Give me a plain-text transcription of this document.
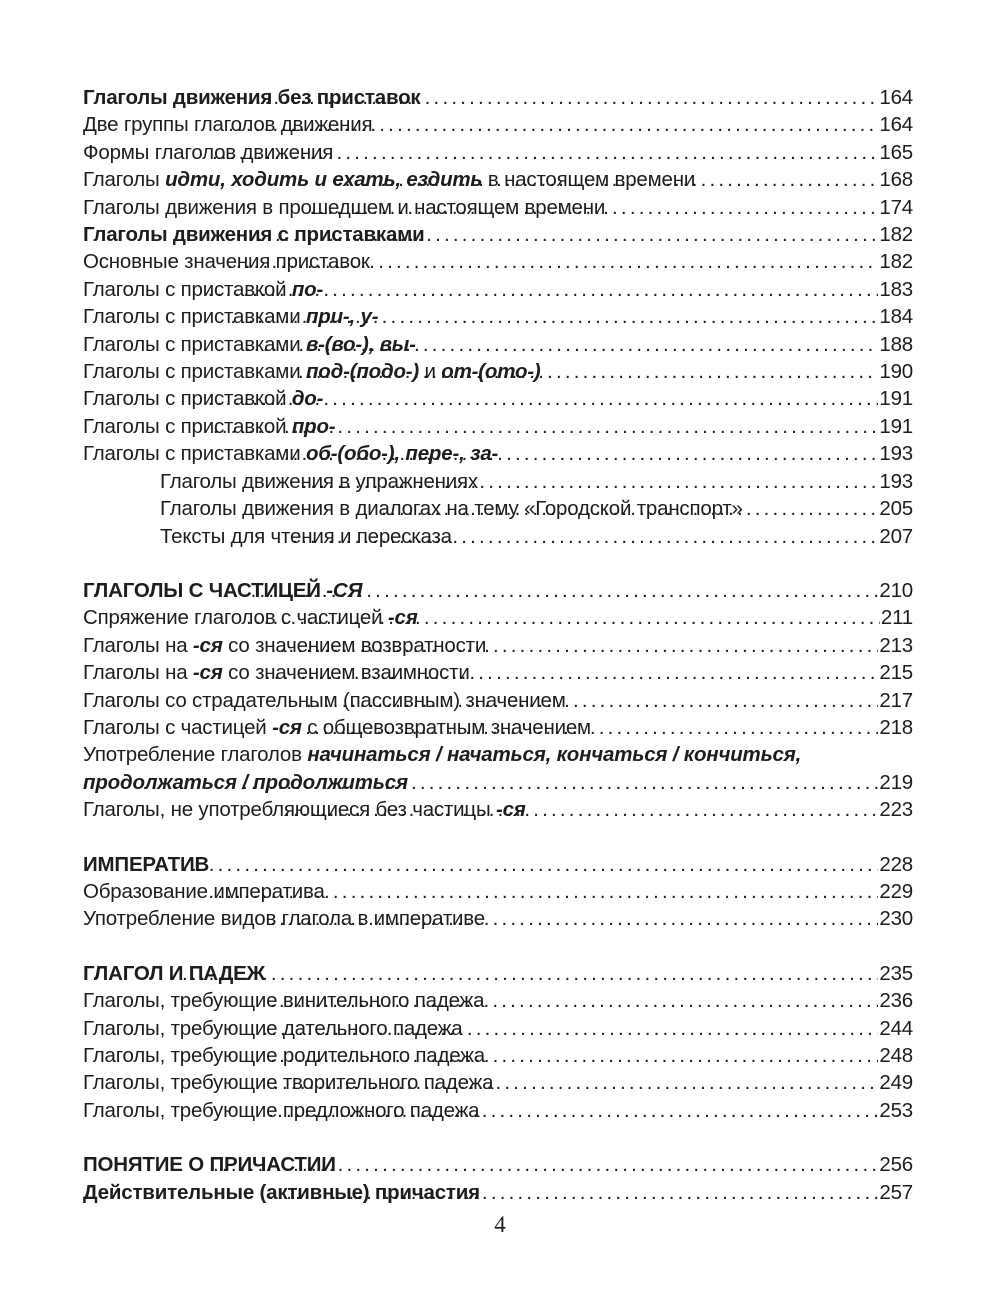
Глаголы движения без приставок .....	164
Две группы глаголов движения .....	164
Формы глаголов движения .....	165
Глаголы идти, ходить и ехать, ездить в настоящем времени .....	168
Глаголы движения в прошедшем и настоящем времени .....	174
Глаголы движения с приставками .....	182
Основные значения приставок .....	182
Глаголы с приставкой по- .....	183
Глаголы с приставками при-, у- .....	184
Глаголы с приставками в-(во-), вы- .....	188
Глаголы с приставками под-(подо-) и от-(ото-) .....	190
Глаголы с приставкой до- .....	191
Глаголы с приставкой про- .....	191
Глаголы с приставками об-(обо-), пере-, за- .....	193
Глаголы движения в упражнениях .....	193
Глаголы движения в диалогах на тему «Городской транспорт» .....	205
Тексты для чтения и пересказа .....	207
ГЛАГОЛЫ С ЧАСТИЦЕЙ -СЯ .....	210
Спряжение глаголов с частицей -ся .....	211
Глаголы на -ся со значением возвратности .....	213
Глаголы на -ся со значением взаимности .....	215
Глаголы со страдательным (пассивным) значением .....	217
Глаголы с частицей -ся с общевозвратным значением .....	218
Употребление глаголов начинаться / начаться, кончаться / кончиться,
продолжаться / продолжиться .....	219
Глаголы, не употребляющиеся без частицы -ся .....	223
ИМПЕРАТИВ .....	228
Образование императива .....	229
Употребление видов глагола в императиве .....	230
ГЛАГОЛ И ПАДЕЖ .....	235
Глаголы, требующие винительного падежа .....	236
Глаголы, требующие дательного падежа .....	244
Глаголы, требующие родительного падежа .....	248
Глаголы, требующие творительного падежа .....	249
Глаголы, требующие предложного падежа .....	253
ПОНЯТИЕ О ПРИЧАСТИИ .....	256
Действительные (активные) причастия .....	257
4
